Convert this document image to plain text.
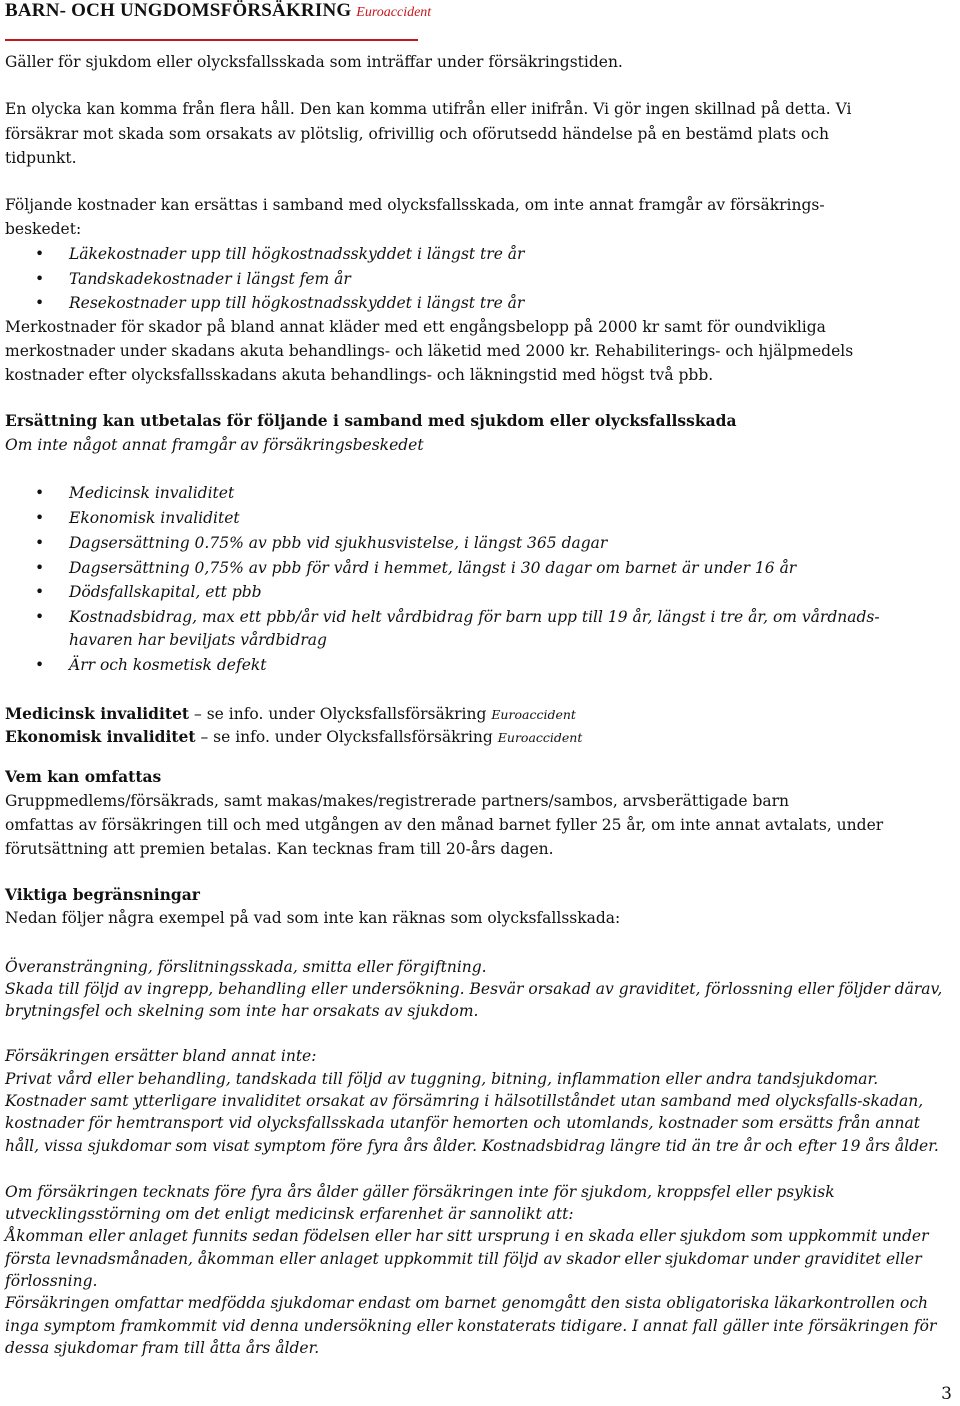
BARN- OCH UNGDOMSFÖRSÄKRING Euroaccident
Gäller för sjukdom eller olycksfallsskada som inträffar under försäkringstiden.
En olycka kan komma från flera håll. Den kan komma utifrån eller inifrån. Vi gör ingen skillnad på detta. Vi
försäkrar mot skada som orsakats av plötslig, ofrivillig och oförutsedd händelse på en bestämd plats och
tidpunkt.
Följande kostnader kan ersättas i samband med olycksfallsskada, om inte annat framgår av försäkrings-
beskedet:
• Läkekostnader upp till högkostnadsskyddet i längst tre år
• Tandskadekostnader i längst fem år
• Resekostnader upp till högkostnadsskyddet i längst tre år
Merkostnader för skador på bland annat kläder med ett engångsbelopp på 2000 kr samt för oundvikliga
merkostnader under skadans akuta behandlings- och läketid med 2000 kr. Rehabiliterings- och hjälpmedels
kostnader efter olycksfallsskadans akuta behandlings- och läkningstid med högst två pbb.
Ersättning kan utbetalas för följande i samband med sjukdom eller olycksfallsskada
Om inte något annat framgår av försäkringsbeskedet
• Medicinsk invaliditet
• Ekonomisk invaliditet
• Dagsersättning 0.75% av pbb vid sjukhusvistelse, i längst 365 dagar
• Dagsersättning 0,75% av pbb för vård i hemmet, längst i 30 dagar om barnet är under 16 år
• Dödsfallskapital, ett pbb
• Kostnadsbidrag, max ett pbb/år vid helt vårdbidrag för barn upp till 19 år, längst i tre år, om vårdnads-
havaren har beviljats vårdbidrag
• Ärr och kosmetisk defekt
Medicinsk invaliditet – se info. under Olycksfallsförsäkring Euroaccident
Ekonomisk invaliditet – se info. under Olycksfallsförsäkring Euroaccident
Vem kan omfattas
Gruppmedlems/försäkrads, samt makas/makes/registrerade partners/sambos, arvsberättigade barn
omfattas av försäkringen till och med utgången av den månad barnet fyller 25 år, om inte annat avtalats, under
förutsättning att premien betalas. Kan tecknas fram till 20-års dagen.
Viktiga begränsningar
Nedan följer några exempel på vad som inte kan räknas som olycksfallsskada:
Överansträngning, förslitningsskada, smitta eller förgiftning.
Skada till följd av ingrepp, behandling eller undersökning. Besvär orsakad av graviditet, förlossning eller följder därav,
brytningsfel och skelning som inte har orsakats av sjukdom.
Försäkringen ersätter bland annat inte:
Privat vård eller behandling, tandskada till följd av tuggning, bitning, inflammation eller andra tandsjukdomar.
Kostnader samt ytterligare invaliditet orsakat av försämring i hälsotillståndet utan samband med olycksfalls-skadan,
kostnader för hemtransport vid olycksfallsskada utanför hemorten och utomlands, kostnader som ersätts från annat
håll, vissa sjukdomar som visat symptom före fyra års ålder. Kostnadsbidrag längre tid än tre år och efter 19 års ålder.
Om försäkringen tecknats före fyra års ålder gäller försäkringen inte för sjukdom, kroppsfel eller psykisk
utvecklingsstörning om det enligt medicinsk erfarenhet är sannolikt att:
Åkomman eller anlaget funnits sedan födelsen eller har sitt ursprung i en skada eller sjukdom som uppkommit under
första levnadsmånaden, åkomman eller anlaget uppkommit till följd av skador eller sjukdomar under graviditet eller
förlossning.
Försäkringen omfattar medfödda sjukdomar endast om barnet genomgått den sista obligatoriska läkarkontrollen och
inga symptom framkommit vid denna undersökning eller konstaterats tidigare. I annat fall gäller inte försäkringen för
dessa sjukdomar fram till åtta års ålder.
3
